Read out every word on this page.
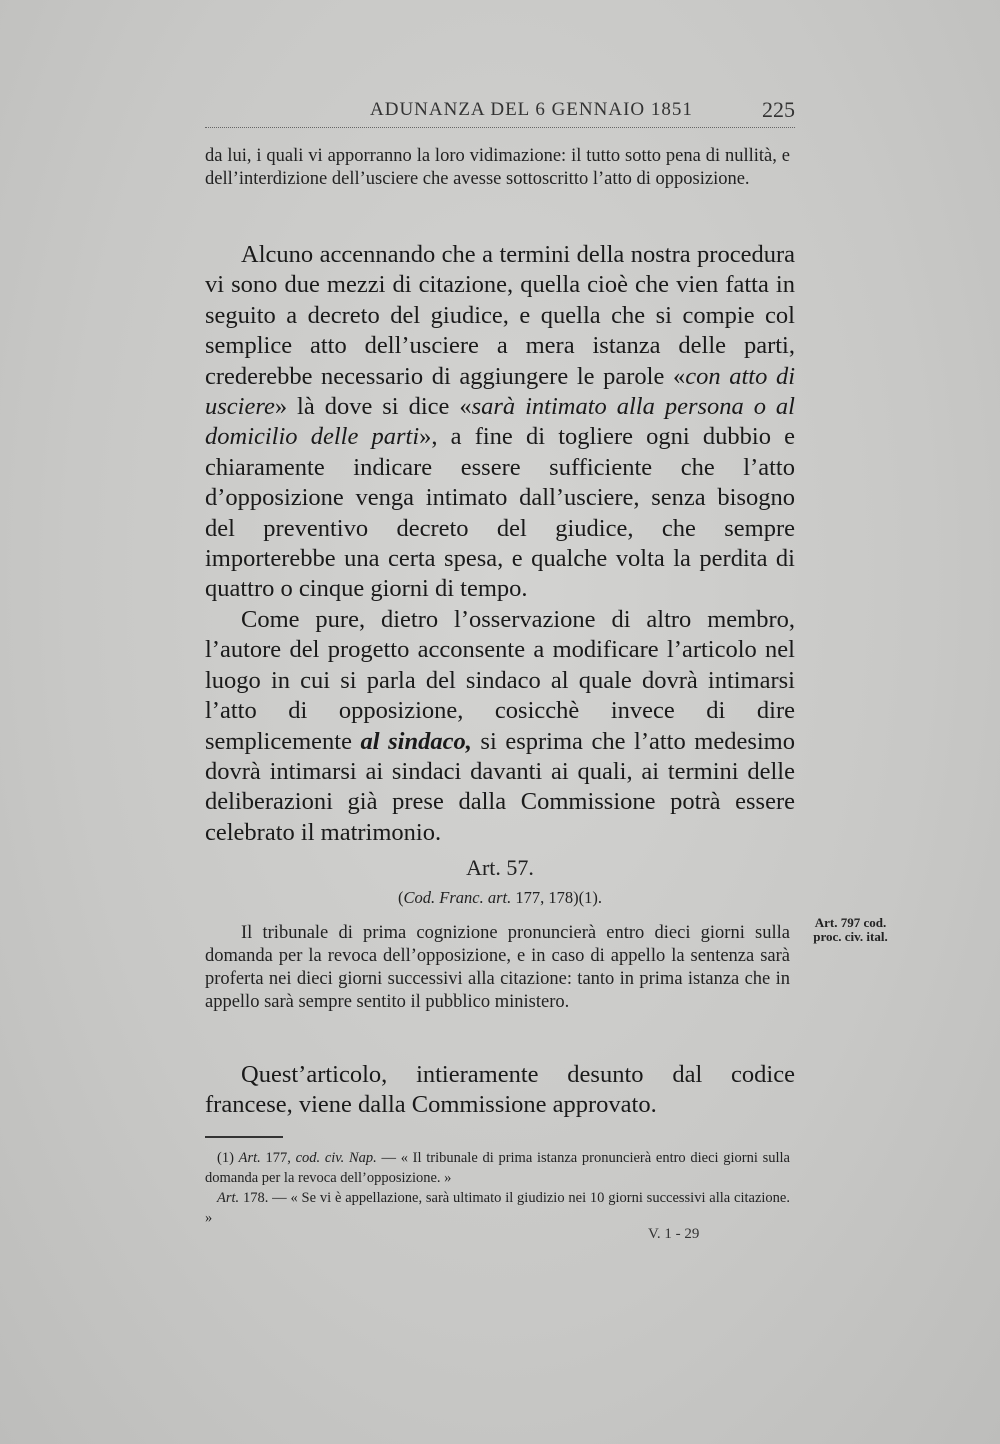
ADUNANZA DEL 6 GENNAIO 1851	225

da lui, i quali vi apporranno la loro vidimazione: il tutto sotto pena di nullità, e dell’interdizione dell’usciere che avesse sottoscritto l’atto di opposizione.

Alcuno accennando che a termini della nostra procedura vi sono due mezzi di citazione, quella cioè che vien fatta in seguito a decreto del giudice, e quella che si compie col semplice atto dell’usciere a mera istanza delle parti, crederebbe necessario di aggiungere le parole «con atto di usciere» là dove si dice «sarà intimato alla persona o al domicilio delle parti», a fine di togliere ogni dubbio e chiaramente indicare essere sufficiente che l’atto d’opposizione venga intimato dall’usciere, senza bisogno del preventivo decreto del giudice, che sempre importerebbe una certa spesa, e qualche volta la perdita di quattro o cinque giorni di tempo.

Come pure, dietro l’osservazione di altro membro, l’autore del progetto acconsente a modificare l’articolo nel luogo in cui si parla del sindaco al quale dovrà intimarsi l’atto di opposizione, cosicchè invece di dire semplicemente al sindaco, si esprima che l’atto medesimo dovrà intimarsi ai sindaci davanti ai quali, ai termini delle deliberazioni già prese dalla Commissione potrà essere celebrato il matrimonio.

Art. 57.
(Cod. Franc. art. 177, 178)(1).
Il tribunale di prima cognizione pronuncierà entro dieci giorni sulla domanda per la revoca dell’opposizione, e in caso di appello la sentenza sarà proferta nei dieci giorni successivi alla citazione: tanto in prima istanza che in appello sarà sempre sentito il pubblico ministero.
Art. 797 cod.
proc. civ. ital.
Quest’articolo, intieramente desunto dal codice francese, viene dalla Commissione approvato.

(1) Art. 177, cod. civ. Nap. — « Il tribunale di prima istanza pronuncierà entro dieci giorni sulla domanda per la revoca dell’opposizione. »

Art. 178. — « Se vi è appellazione, sarà ultimato il giudizio nei 10 giorni successivi alla citazione. »

V. 1 - 29
